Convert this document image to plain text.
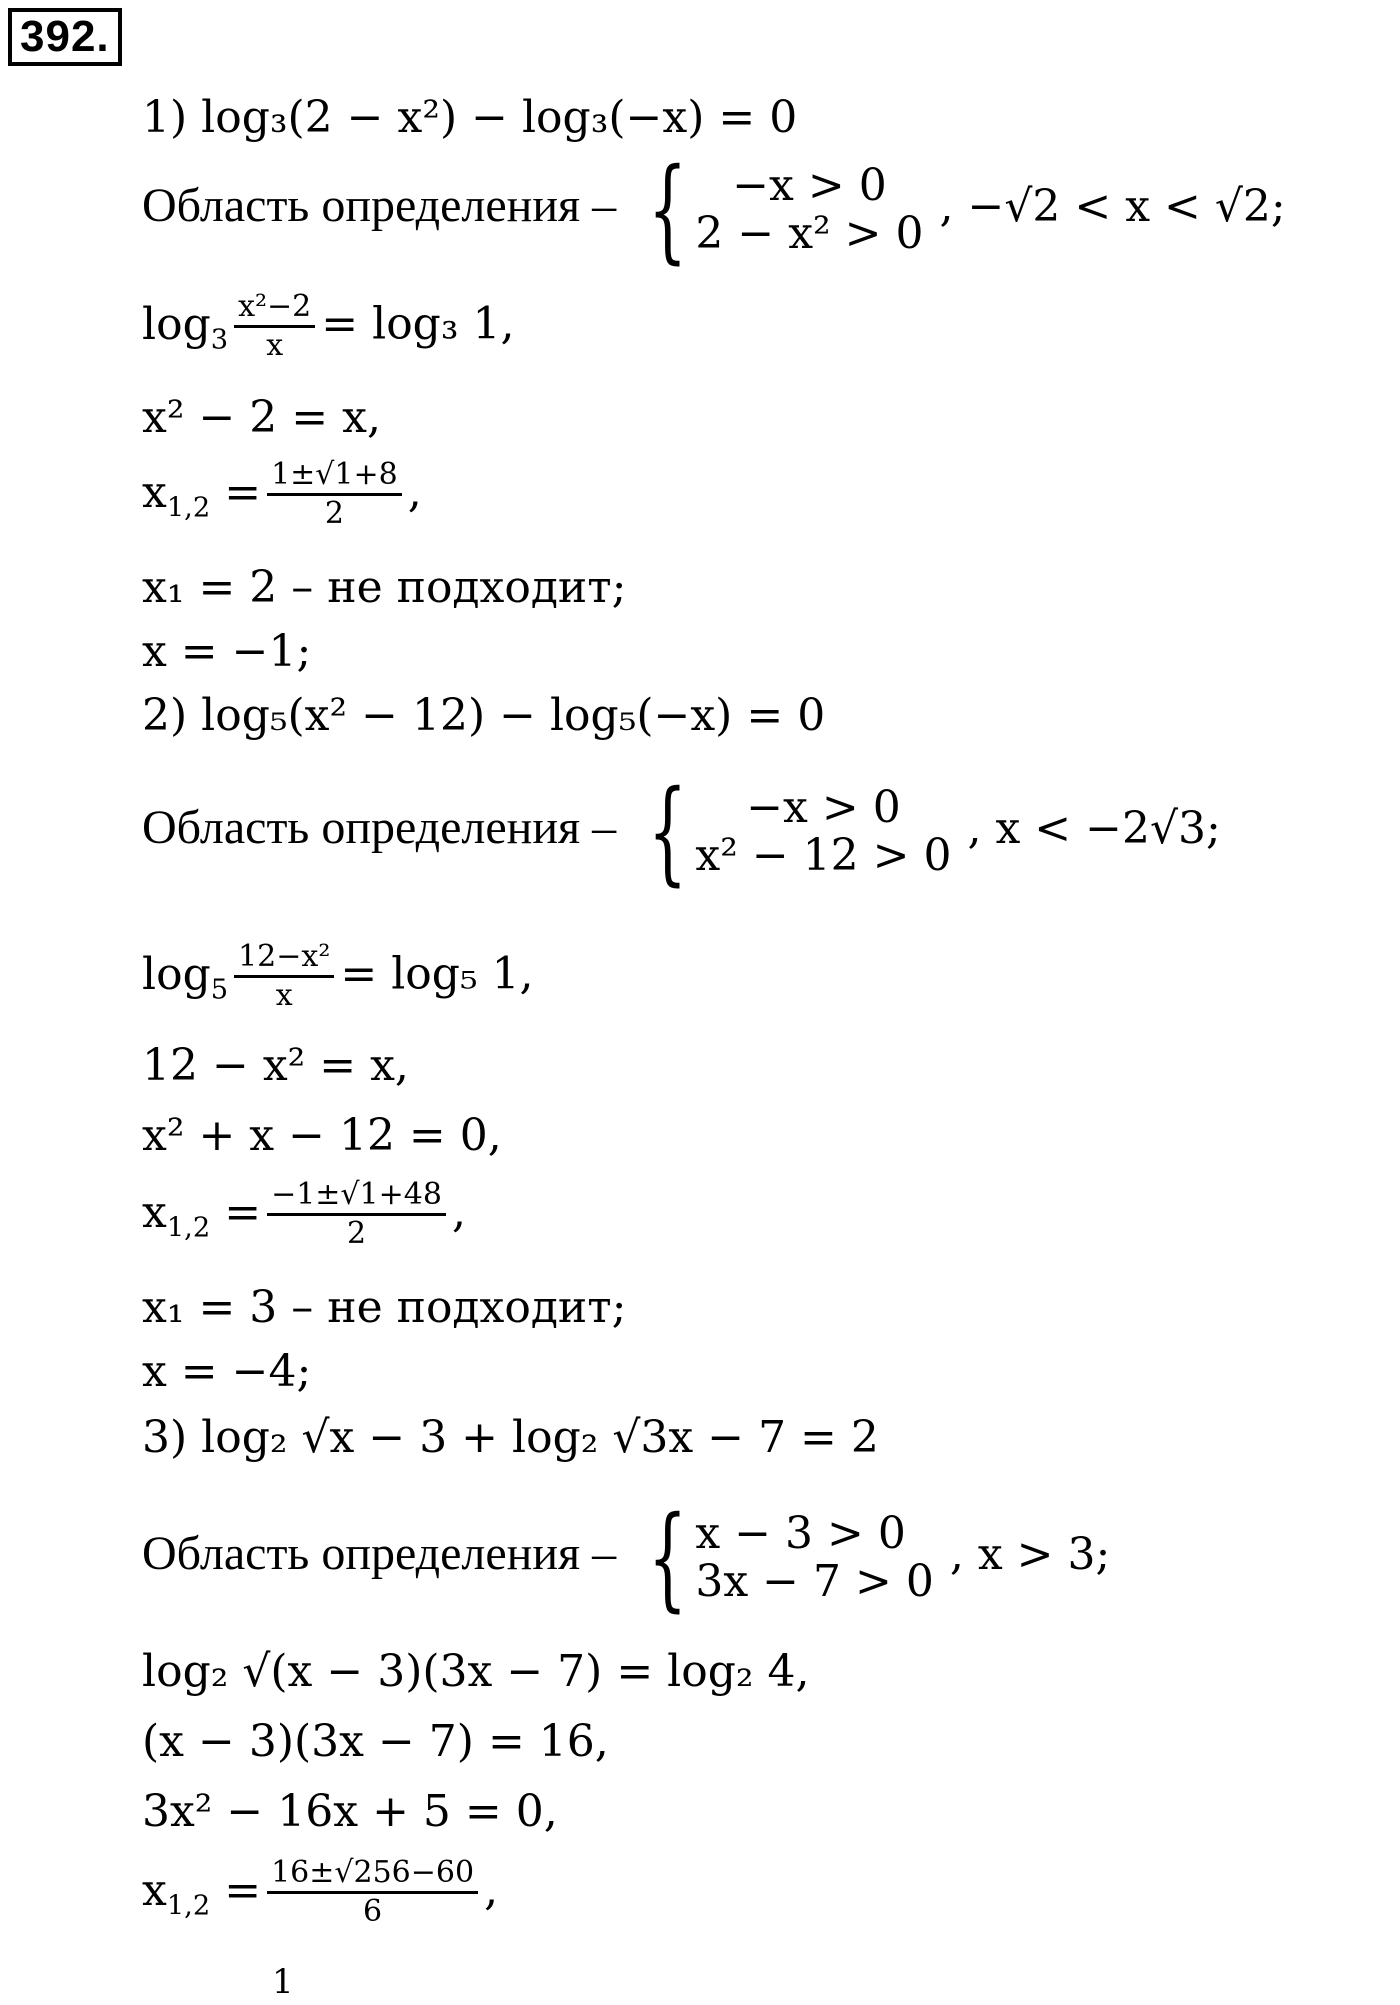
392.
1) log₃(2 − x²) − log₃(−x) = 0
Область определения – {	−x > 0
2 − x² > 0
, −√2 < x < √2;
$\log_3 \frac{\text{x²−2}}{x} = \log_3$ 1,
x² − 2 = x,
$x_{1,2} = \frac{1\pm√1+8}{2}$ ,
x₁ = 2 – не подходит;
x = −1;
2) log₅(x² − 12) − log₅(−x) = 0
Область определения – {	−x > 0
x² − 12 > 0
, x < −2√3;
$\log_5 \frac{\text{12−x²}}{x} = \log_5$ 1,
12 − x² = x,
x² + x − 12 = 0,
$x_{1,2} = \frac{-1\pm√1+48}{2}$ ,
x₁ = 3 – не подходит;
x = −4;
3) log₂ √x − 3 + log₂ √3x − 7 = 2
Область определения – { x − 3 > 0
3x − 7 > 0
, x > 3;
log₂ √(x − 3)(3x − 7) = log₂ 4,
(x − 3)(3x − 7) = 16,
3x² − 16x + 5 = 0,
$x_{1,2} = \frac{16\pm√256-60}{6}$ ,
1
